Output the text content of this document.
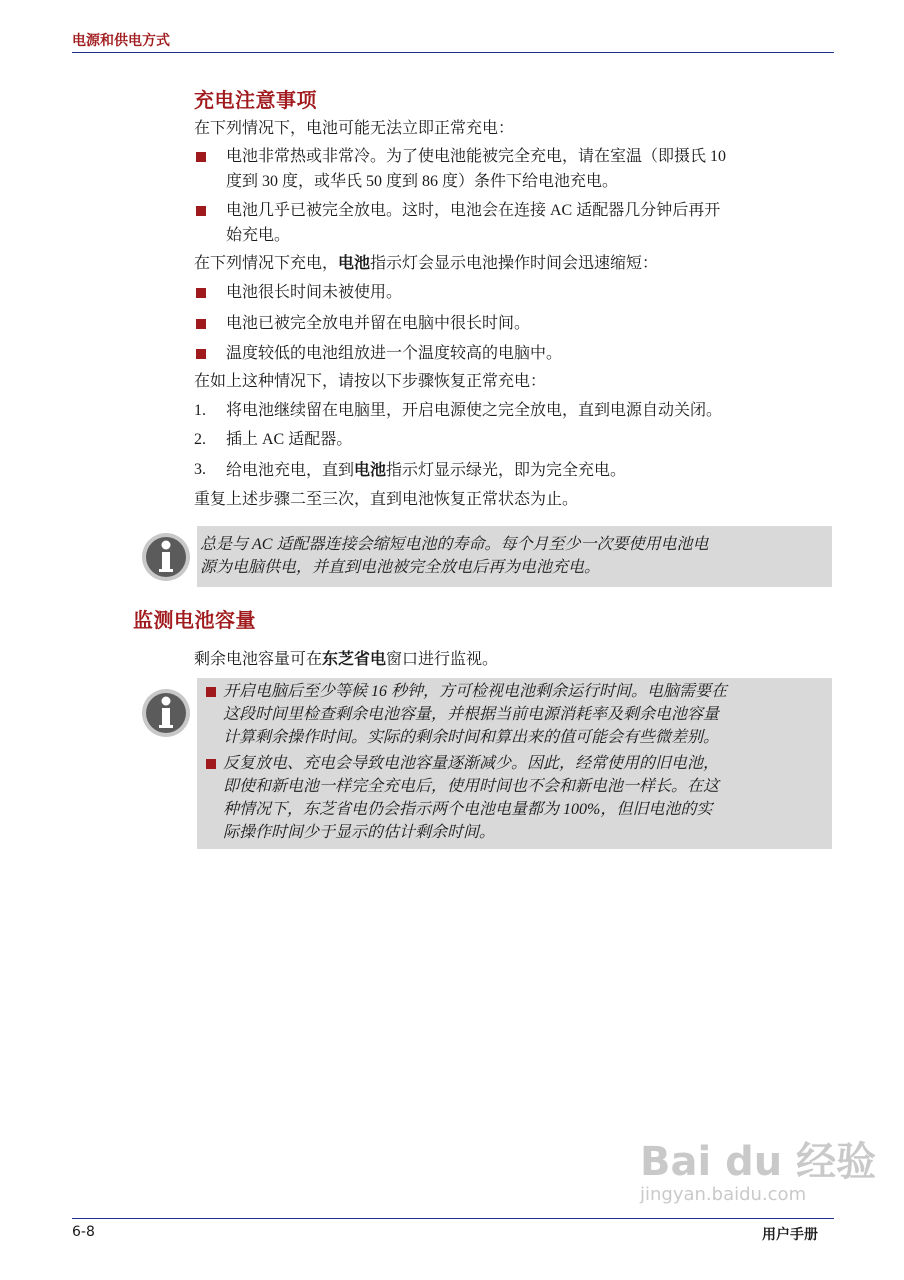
电源和供电方式
充电注意事项
在下列情况下，电池可能无法立即正常充电：
电池非常热或非常冷。为了使电池能被完全充电，请在室温（即摄氏 10
度到 30 度，或华氏 50 度到 86 度）条件下给电池充电。
电池几乎已被完全放电。这时，电池会在连接 AC 适配器几分钟后再开
始充电。
在下列情况下充电，电池指示灯会显示电池操作时间会迅速缩短：
电池很长时间未被使用。
电池已被完全放电并留在电脑中很长时间。
温度较低的电池组放进一个温度较高的电脑中。
在如上这种情况下，请按以下步骤恢复正常充电：
1. 将电池继续留在电脑里，开启电源使之完全放电，直到电源自动关闭。
2. 插上 AC 适配器。
3. 给电池充电，直到电池指示灯显示绿光，即为完全充电。
重复上述步骤二至三次，直到电池恢复正常状态为止。
总是与 AC 适配器连接会缩短电池的寿命。每个月至少一次要使用电池电
源为电脑供电，并直到电池被完全放电后再为电池充电。
监测电池容量
剩余电池容量可在东芝省电窗口进行监视。
开启电脑后至少等候 16 秒钟，方可检视电池剩余运行时间。电脑需要在
这段时间里检查剩余电池容量，并根据当前电源消耗率及剩余电池容量
计算剩余操作时间。实际的剩余时间和算出来的值可能会有些微差别。
反复放电、充电会导致电池容量逐渐减少。因此，经常使用的旧电池，
即使和新电池一样完全充电后，使用时间也不会和新电池一样长。在这
种情况下，东芝省电仍会指示两个电池电量都为 100%，但旧电池的实
际操作时间少于显示的估计剩余时间。
Bai du 经验
jingyan.baidu.com
6-8	用户手册
